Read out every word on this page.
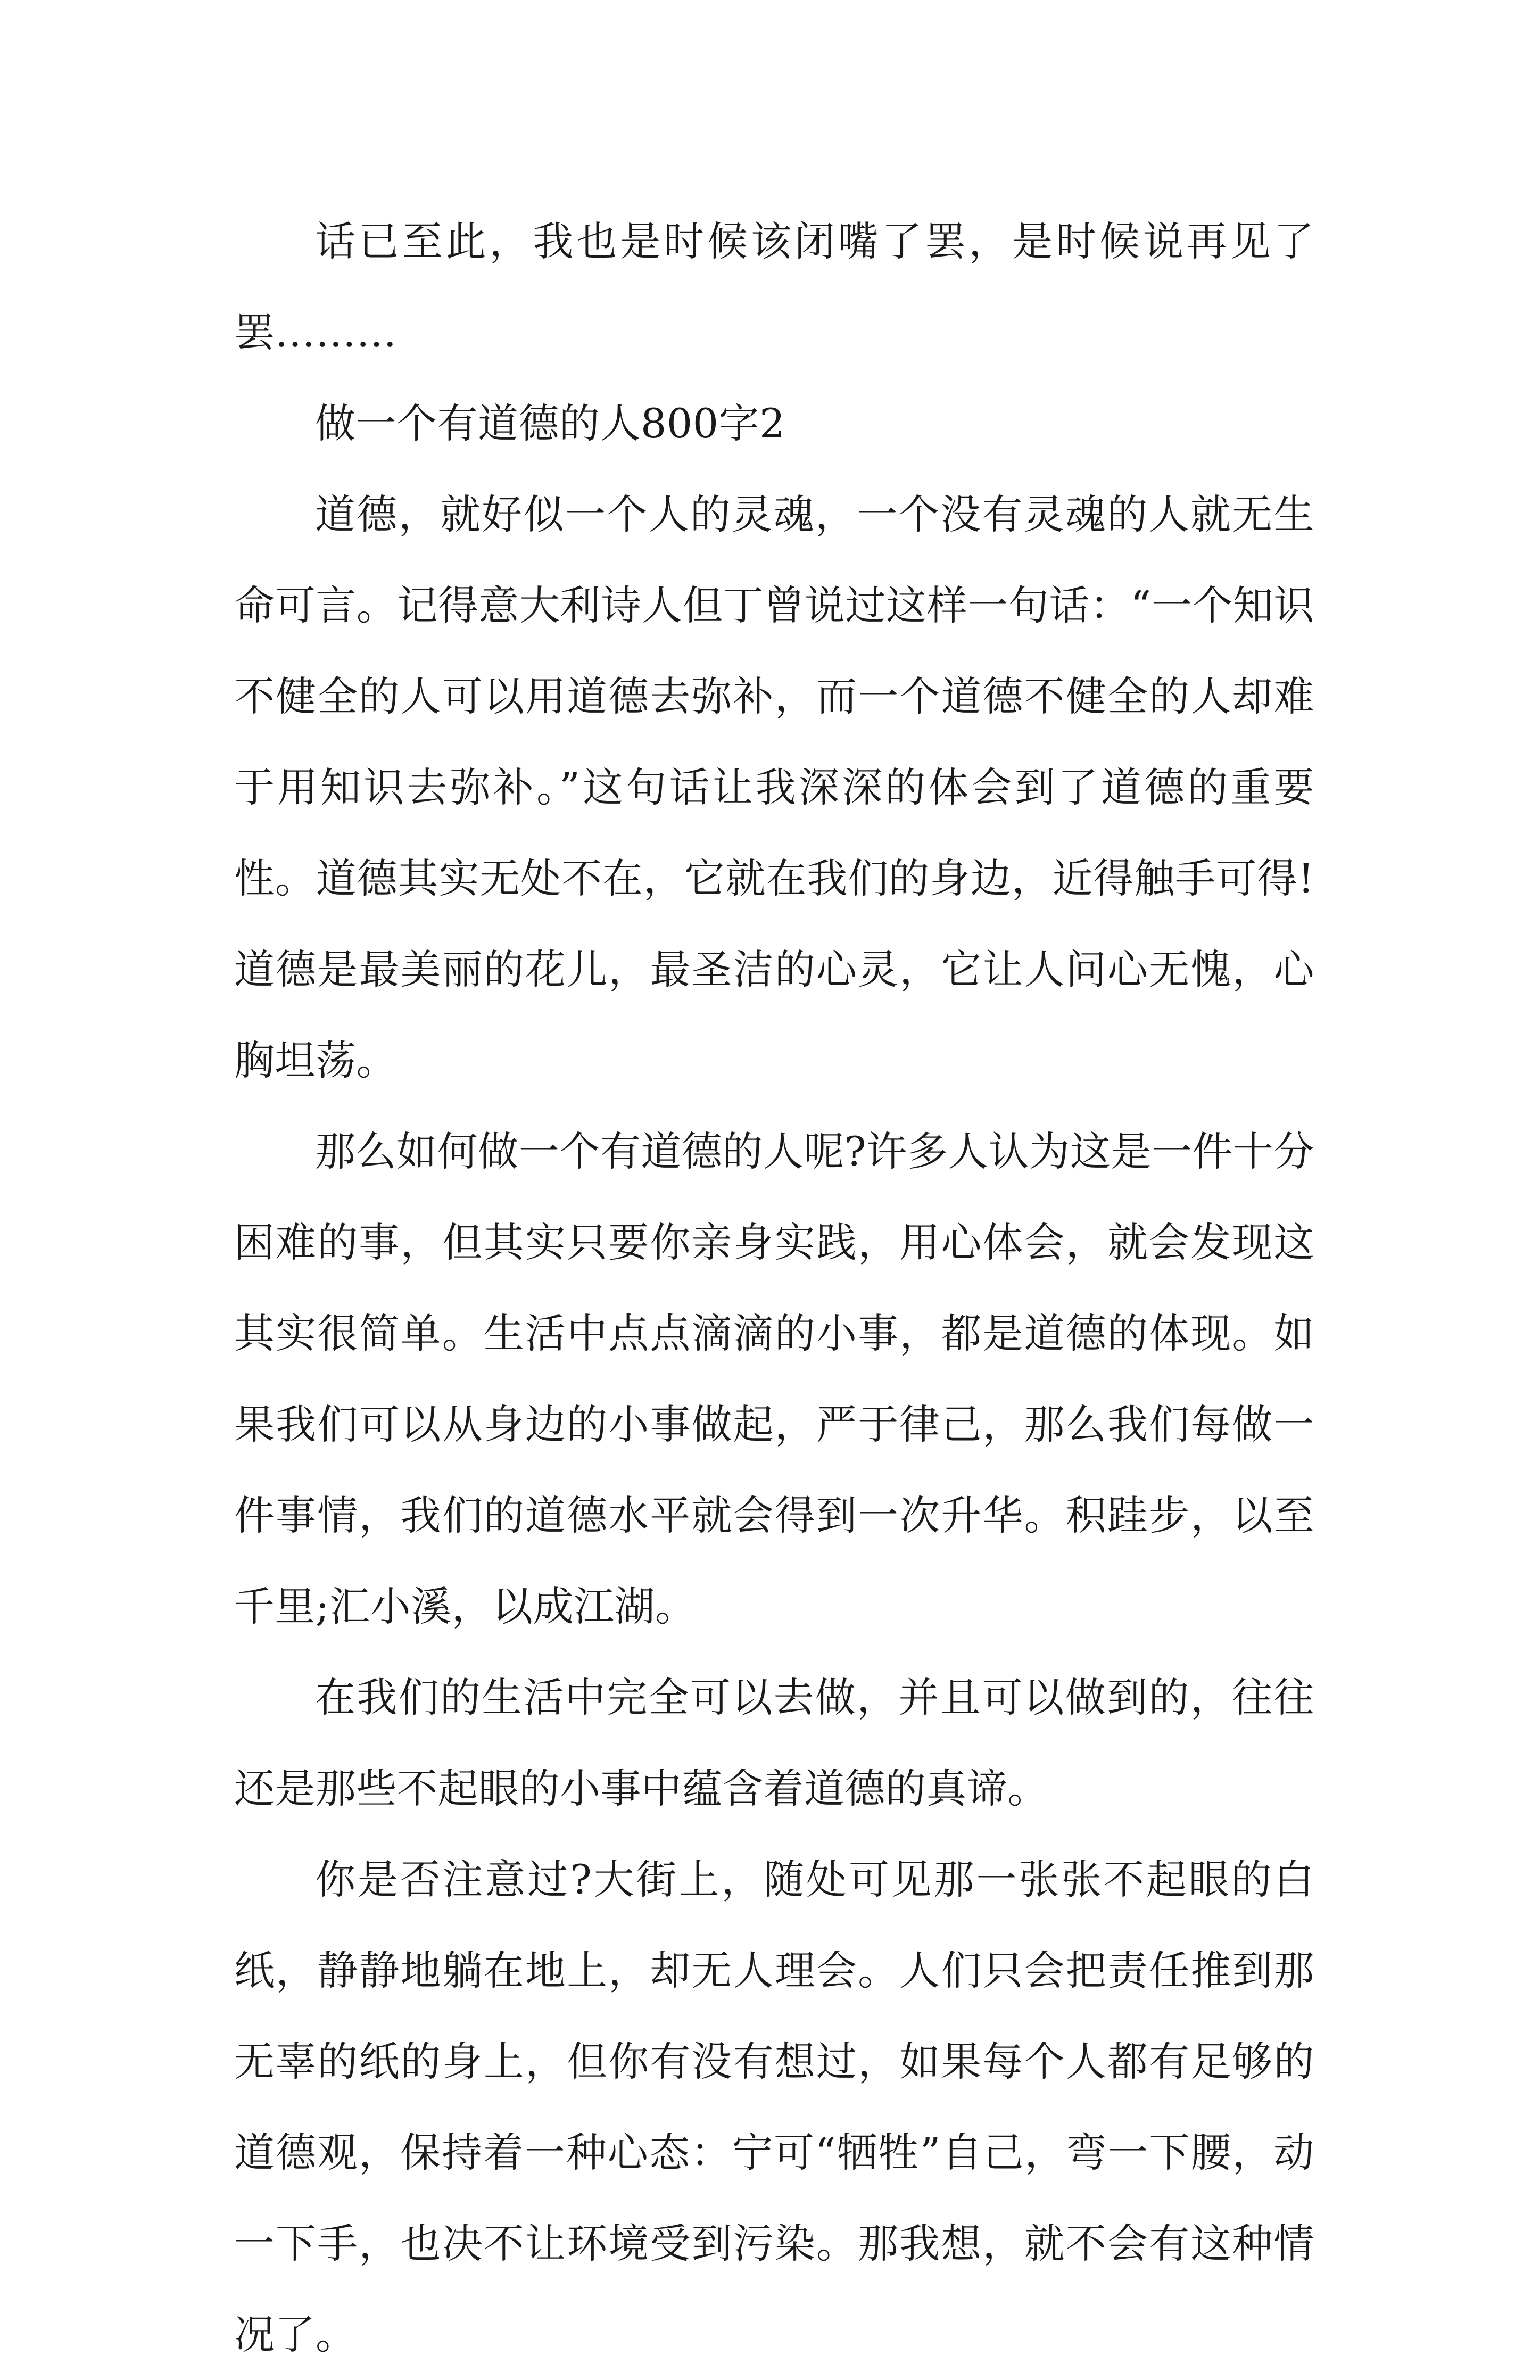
话已至此，我也是时候该闭嘴了罢，是时候说再见了罢………

做一个有道德的人800字2

道德，就好似一个人的灵魂，一个没有灵魂的人就无生命可言。记得意大利诗人但丁曾说过这样一句话：“一个知识不健全的人可以用道德去弥补，而一个道德不健全的人却难于用知识去弥补。”这句话让我深深的体会到了道德的重要性。道德其实无处不在，它就在我们的身边，近得触手可得!道德是最美丽的花儿，最圣洁的心灵，它让人问心无愧，心胸坦荡。

那么如何做一个有道德的人呢?许多人认为这是一件十分困难的事，但其实只要你亲身实践，用心体会，就会发现这其实很简单。生活中点点滴滴的小事，都是道德的体现。如果我们可以从身边的小事做起，严于律己，那么我们每做一件事情，我们的道德水平就会得到一次升华。积跬步，以至千里;汇小溪，以成江湖。

在我们的生活中完全可以去做，并且可以做到的，往往还是那些不起眼的小事中蕴含着道德的真谛。

你是否注意过?大街上，随处可见那一张张不起眼的白纸，静静地躺在地上，却无人理会。人们只会把责任推到那无辜的纸的身上，但你有没有想过，如果每个人都有足够的道德观，保持着一种心态：宁可“牺牲”自己，弯一下腰，动一下手，也决不让环境受到污染。那我想，就不会有这种情况了。
